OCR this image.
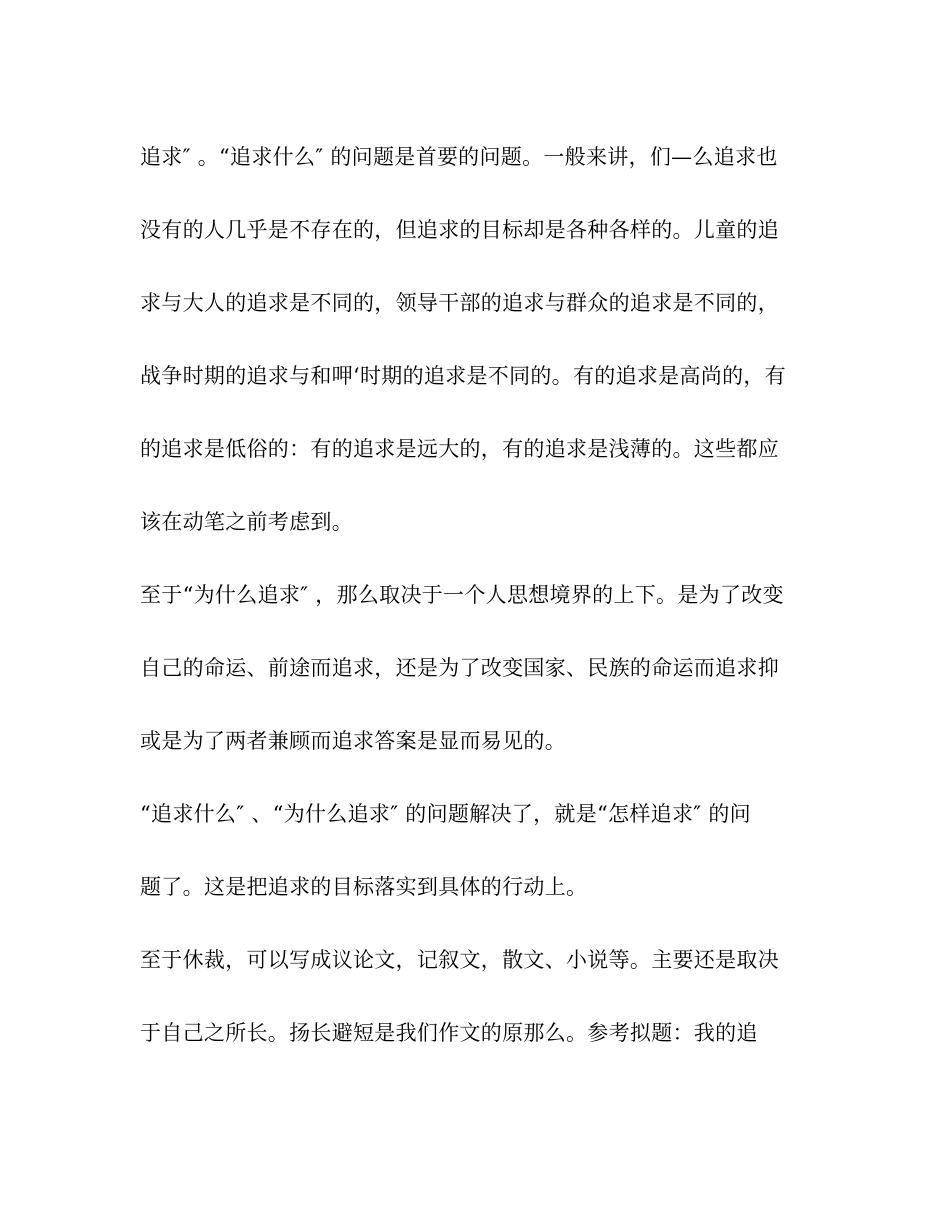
追求″ 。“追求什么″ 的问题是首要的问题。一般来讲，们—么追求也
没有的人几乎是不存在的，但追求的目标却是各种各样的。儿童的追
求与大人的追求是不同的，领导干部的追求与群众的追求是不同的，
战争时期的追求与和呷‘时期的追求是不同的。有的追求是高尚的，有
的追求是低俗的：有的追求是远大的，有的追求是浅薄的。这些都应
该在动笔之前考虑到。
至于“为什么追求″ ，那么取决于一个人思想境界的上下。是为了改变
自己的命运、前途而追求，还是为了改变国家、民族的命运而追求抑
或是为了两者兼顾而追求答案是显而易见的。
“追求什么″ 、“为什么追求″ 的问题解决了，就是“怎样追求″ 的问
题了。这是把追求的目标落实到具体的行动上。
至于休裁，可以写成议论文，记叙文，散文、小说等。主要还是取决
于自己之所长。扬长避短是我们作文的原那么。参考拟题：我的追
